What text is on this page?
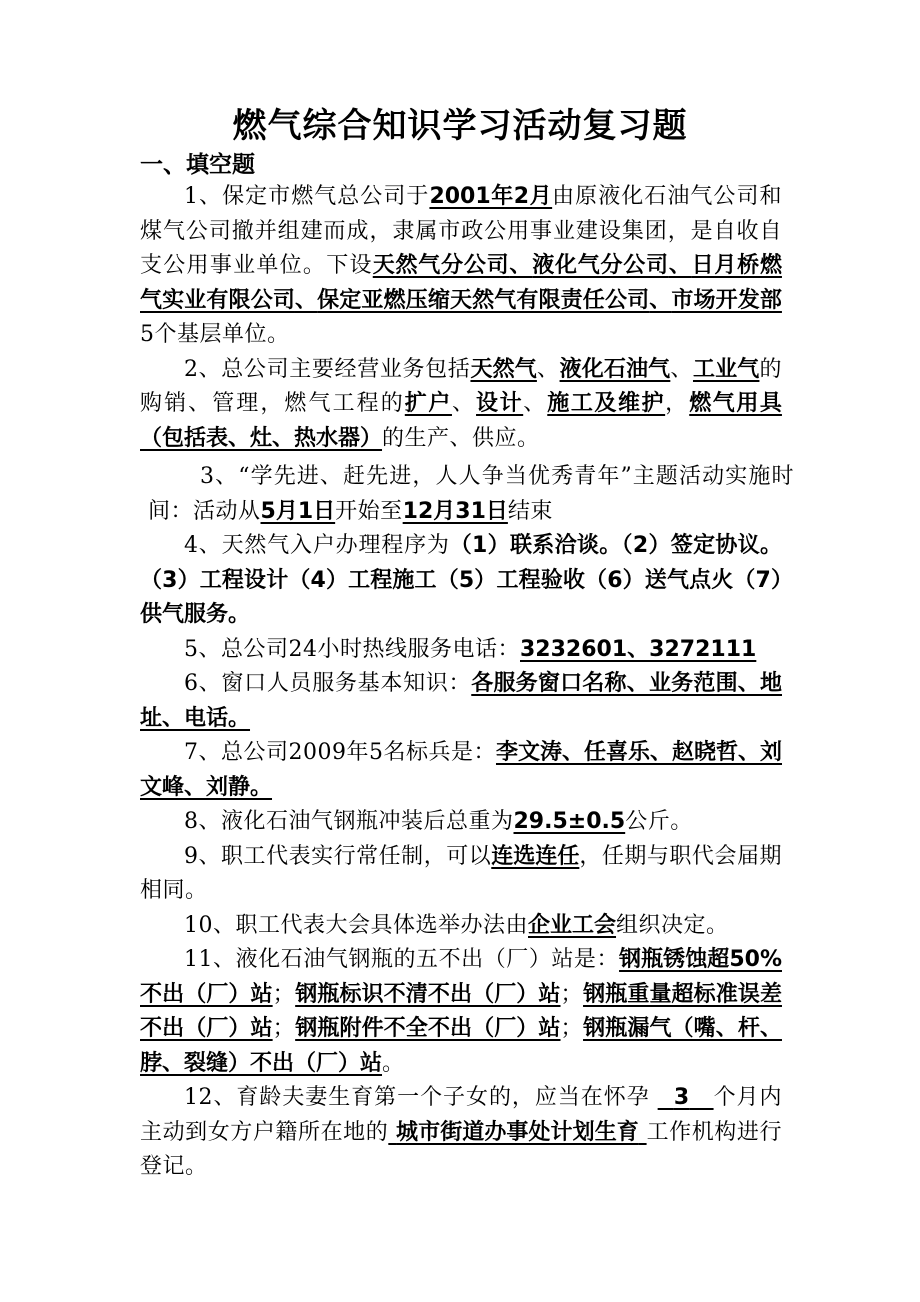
燃气综合知识学习活动复习题
一、填空题

1、保定市燃气总公司于2001年2月由原液化石油气公司和煤气公司撤并组建而成，隶属市政公用事业建设集团，是自收自支公用事业单位。下设天然气分公司、液化气分公司、日月桥燃气实业有限公司、保定亚燃压缩天然气有限责任公司、市场开发部5个基层单位。

2、总公司主要经营业务包括天然气、液化石油气、工业气的购销、管理，燃气工程的扩户、设计、施工及维护，燃气用具（包括表、灶、热水器）的生产、供应。

3、“学先进、赶先进，人人争当优秀青年”主题活动实施时间：活动从5月1日开始至12月31日结束

4、天然气入户办理程序为（1）联系洽谈。（2）签定协议。（3）工程设计（4）工程施工（5）工程验收（6）送气点火（7）供气服务。

5、总公司24小时热线服务电话：3232601、3272111

6、窗口人员服务基本知识：各服务窗口名称、业务范围、地址、电话。

7、总公司2009年5名标兵是：李文涛、任喜乐、赵晓哲、刘文峰、刘静。

8、液化石油气钢瓶冲装后总重为29.5±0.5公斤。

9、职工代表实行常任制，可以连选连任，任期与职代会届期相同。

10、职工代表大会具体选举办法由企业工会组织决定。

11、液化石油气钢瓶的五不出（厂）站是：钢瓶锈蚀超50%不出（厂）站；钢瓶标识不清不出（厂）站；钢瓶重量超标准误差不出（厂）站；钢瓶附件不全不出（厂）站；钢瓶漏气（嘴、杆、脖、裂缝）不出（厂）站。

12、育龄夫妻生育第一个子女的，应当在怀孕 3 个月内主动到女方户籍所在地的 城市街道办事处计划生育 工作机构进行登记。
